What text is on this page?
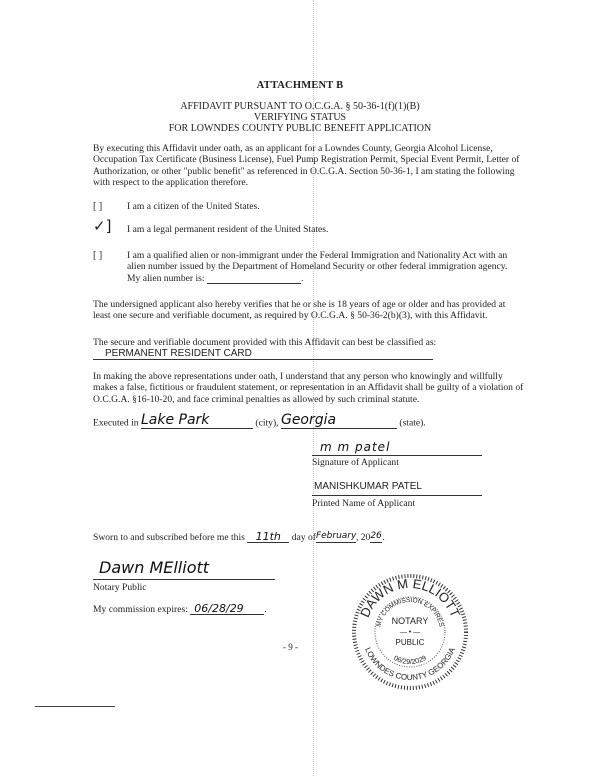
ATTACHMENT B
AFFIDAVIT PURSUANT TO O.C.G.A. § 50-36-1(f)(1)(B)
VERIFYING STATUS
FOR LOWNDES COUNTY PUBLIC BENEFIT APPLICATION
By executing this Affidavit under oath, as an applicant for a Lowndes County, Georgia Alcohol License, Occupation Tax Certificate (Business License), Fuel Pump Registration Permit, Special Event Permit, Letter of Authorization, or other "public benefit" as referenced in O.C.G.A. Section 50-36-1, I am stating the following with respect to the application therefore.
[ ]	I am a citizen of the United States.
✓] I am a legal permanent resident of the United States.
[ ]	I am a qualified alien or non-immigrant under the Federal Immigration and Nationality Act with an alien number issued by the Department of Homeland Security or other federal immigration agency.
My alien number is:	.
The undersigned applicant also hereby verifies that he or she is 18 years of age or older and has provided at least one secure and verifiable document, as required by O.C.G.A. § 50-36-2(b)(3), with this Affidavit.
The secure and verifiable document provided with this Affidavit can best be classified as:
PERMANENT RESIDENT CARD
In making the above representations under oath, I understand that any person who knowingly and willfully makes a false, fictitious or fraudulent statement, or representation in an Affidavit shall be guilty of a violation of O.C.G.A. §16-10-20, and face criminal penalties as allowed by such criminal statute.
Executed in Lake Park	(city), Georgia	(state).
m m patel
Signature of Applicant
MANISHKUMAR PATEL
Printed Name of Applicant
Sworn to and subscribed before me this 11th day ofFebruary, 2026.
Dawn MElliott
Notary Public
My commission expires: 06/28/29 .	DAWN M ELLIOTT
LOWNDES COUNTY GEORGIA
MY COMMISSION EXPIRES
06/29/2029
NOTARY
— • —
PUBLIC
- 9 -
